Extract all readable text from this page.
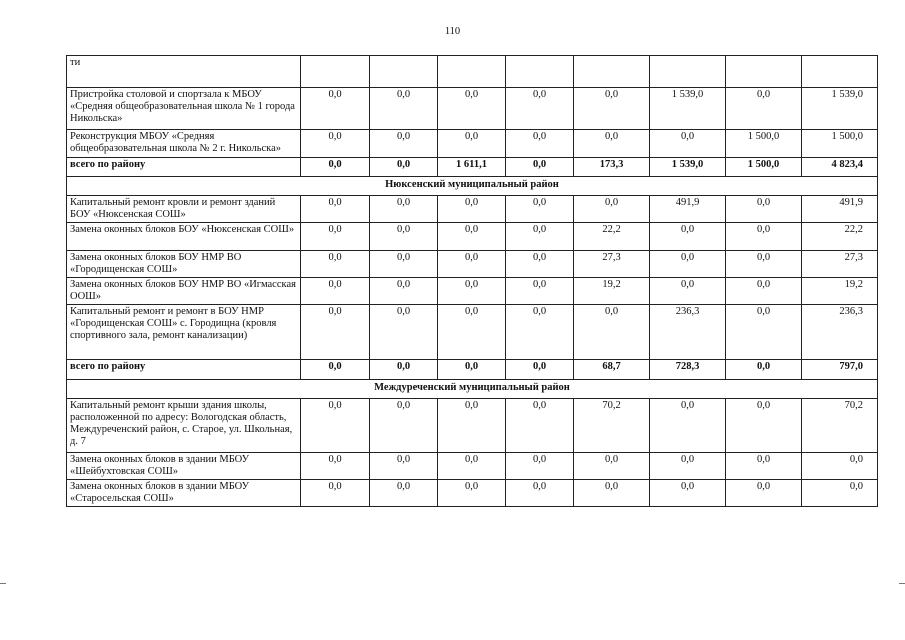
110
ти								
Пристройка столовой и спортзала к МБОУ «Средняя общеобразовательная школа № 1 города Никольска»	0,0	0,0	0,0	0,0	0,0	1 539,0	0,0	1 539,0
Реконструкция МБОУ «Средняя общеобразовательная школа № 2 г. Никольска»	0,0	0,0	0,0	0,0	0,0	0,0	1 500,0	1 500,0
всего по району	0,0	0,0	1 611,1	0,0	173,3	1 539,0	1 500,0	4 823,4
Нюксенский муниципальный район								
Капитальный ремонт кровли и ремонт зданий БОУ «Нюксенская СОШ»	0,0	0,0	0,0	0,0	0,0	491,9	0,0	491,9
Замена оконных блоков БОУ «Нюксенская СОШ»	0,0	0,0	0,0	0,0	22,2	0,0	0,0	22,2
Замена оконных блоков БОУ НМР ВО «Городищенская СОШ»	0,0	0,0	0,0	0,0	27,3	0,0	0,0	27,3
Замена оконных блоков БОУ НМР ВО «Игмасская ООШ»	0,0	0,0	0,0	0,0	19,2	0,0	0,0	19,2
Капитальный ремонт и ремонт в БОУ НМР «Городищенская СОШ» с. Городищна (кровля спортивного зала, ремонт канализации)	0,0	0,0	0,0	0,0	0,0	236,3	0,0	236,3
всего по району	0,0	0,0	0,0	0,0	68,7	728,3	0,0	797,0
Междуреченский муниципальный район								
Капитальный ремонт крыши здания школы, расположенной по адресу: Вологодская область, Междуреченский район, с. Старое, ул. Школьная, д. 7	0,0	0,0	0,0	0,0	70,2	0,0	0,0	70,2
Замена оконных блоков в здании МБОУ «Шейбухтовская СОШ»	0,0	0,0	0,0	0,0	0,0	0,0	0,0	0,0
Замена оконных блоков в здании МБОУ «Старосельская СОШ»	0,0	0,0	0,0	0,0	0,0	0,0	0,0	0,0
